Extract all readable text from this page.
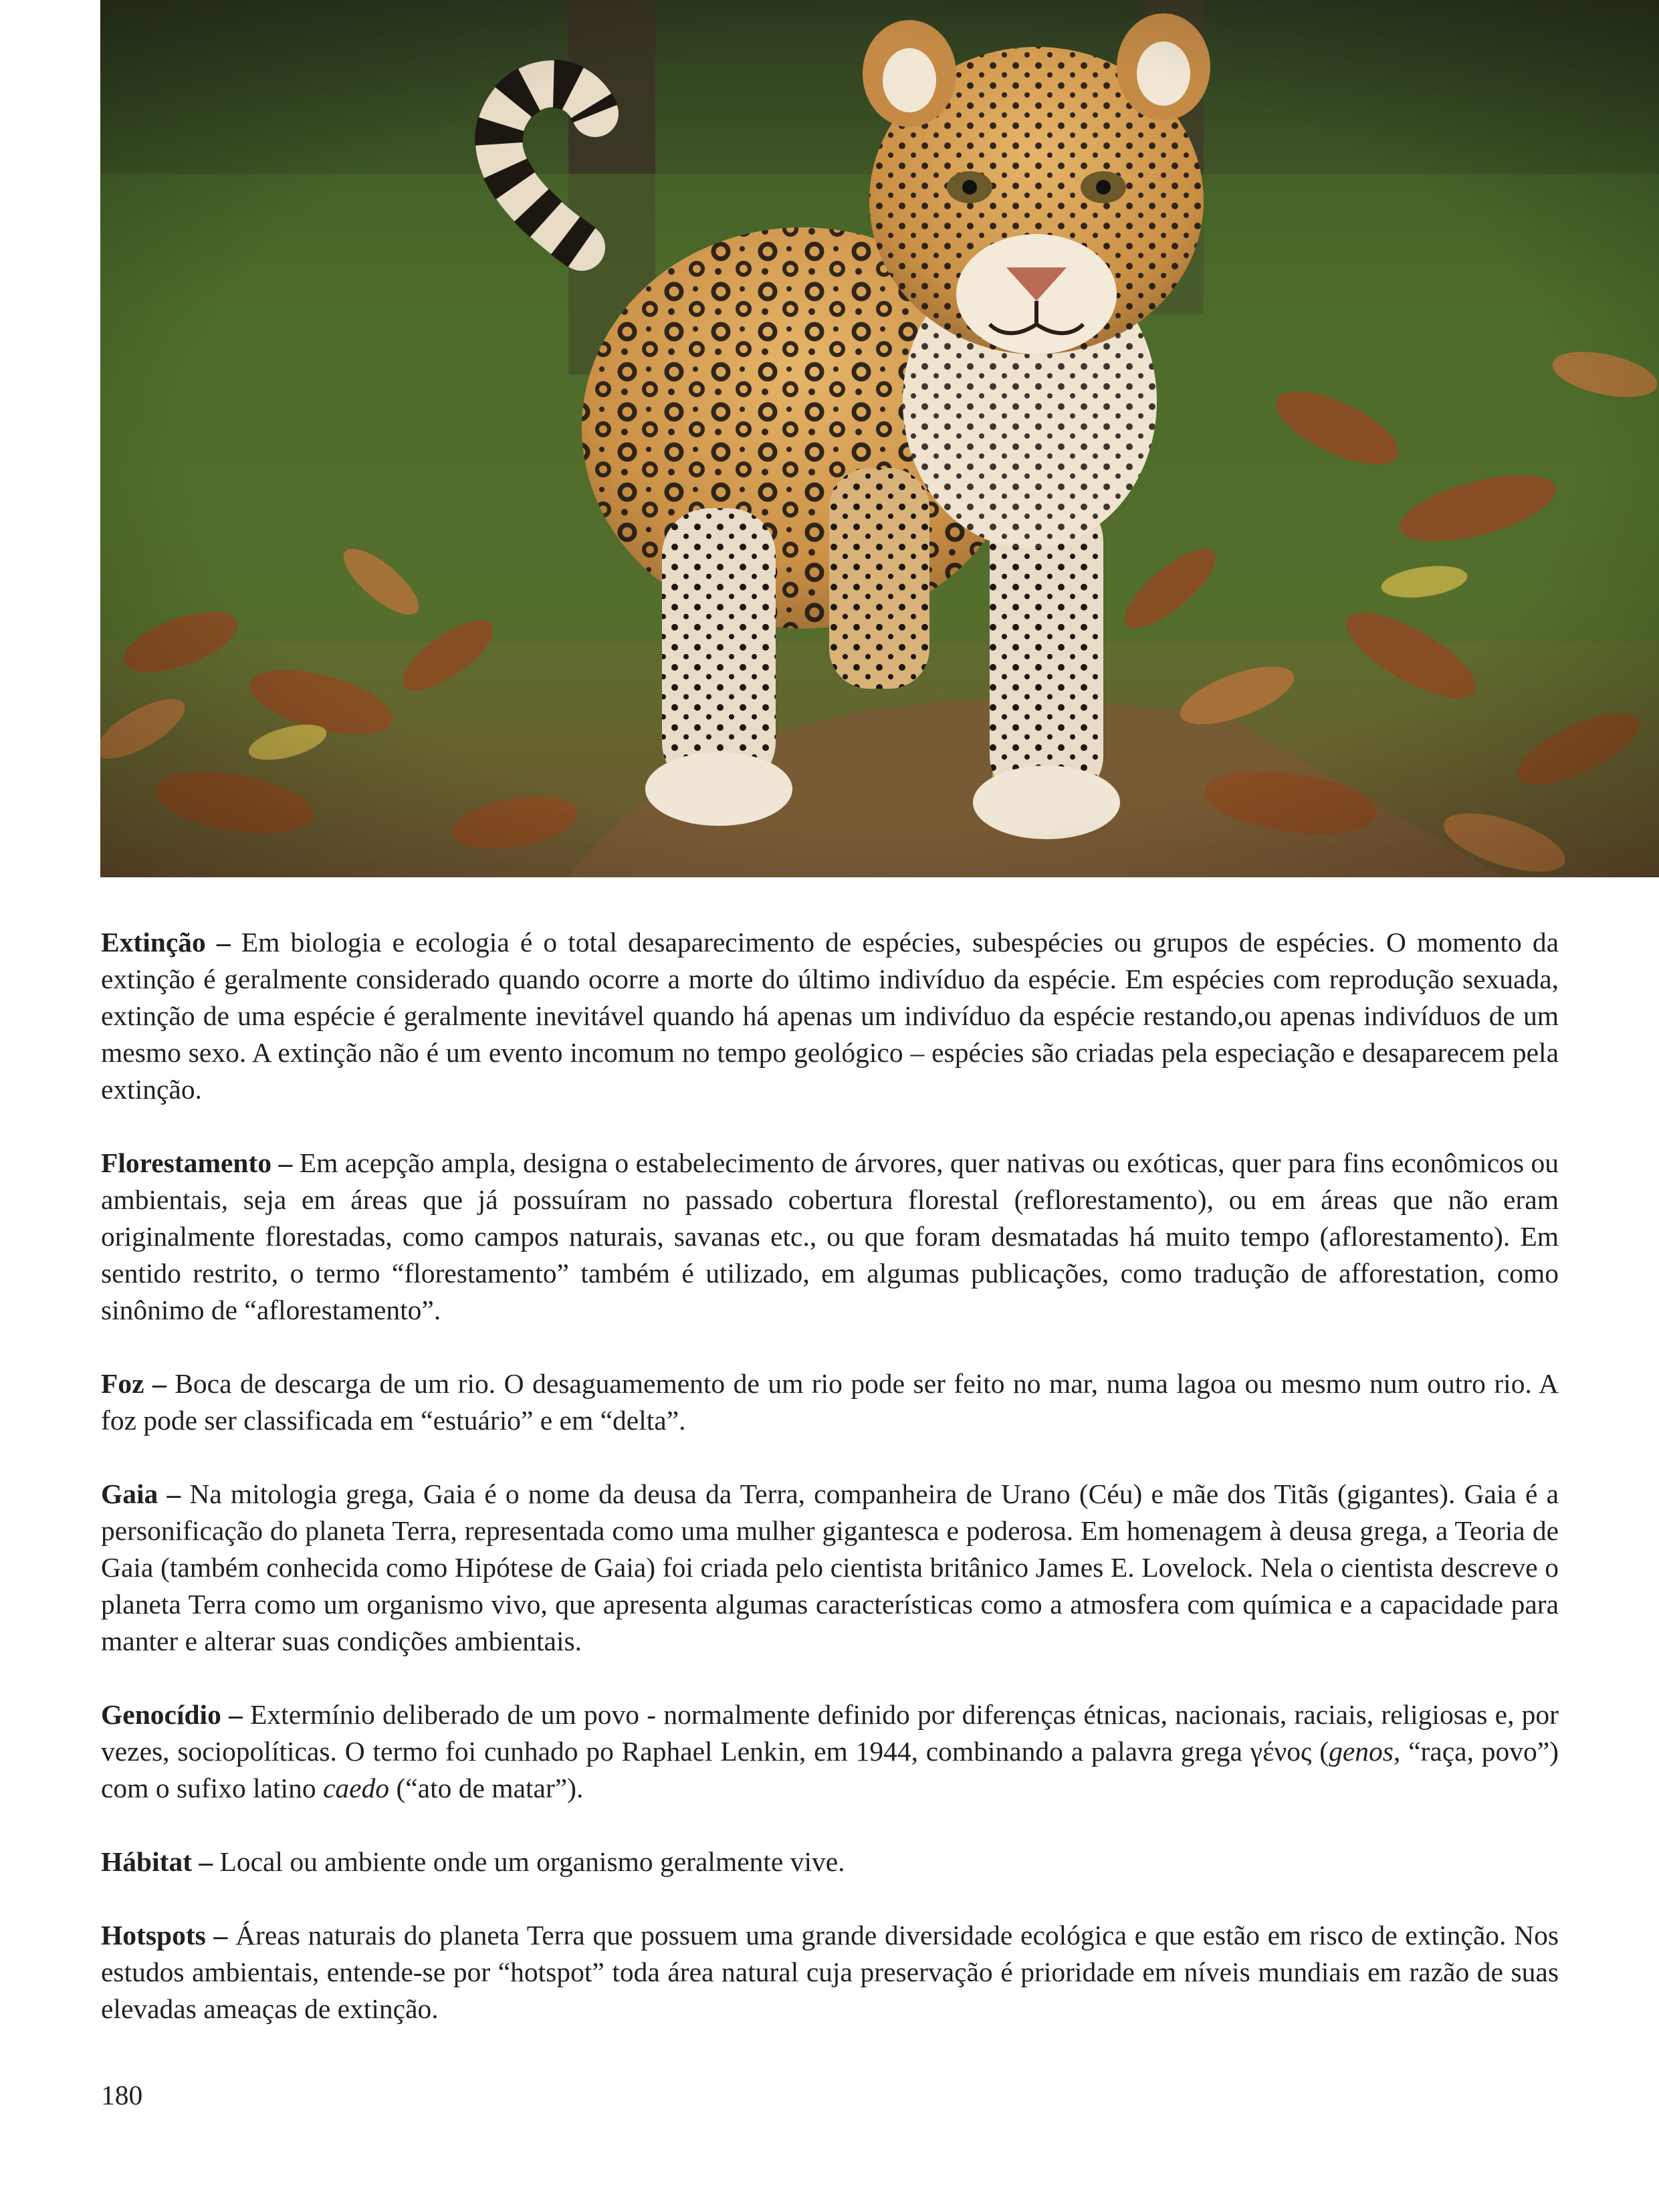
Extinção – Em biologia e ecologia é o total desaparecimento de espécies, subespécies ou grupos de espécies. O momento da extinção é geralmente considerado quando ocorre a morte do último indivíduo da espécie. Em espécies com reprodução sexuada, extinção de uma espécie é geralmente inevitável quando há apenas um indivíduo da espécie restando,ou apenas indivíduos de um mesmo sexo. A extinção não é um evento incomum no tempo geológico – espécies são criadas pela especiação e desaparecem pela extinção.

Florestamento – Em acepção ampla, designa o estabelecimento de árvores, quer nativas ou exóticas, quer para fins econômicos ou ambientais, seja em áreas que já possuíram no passado cobertura florestal (reflorestamento), ou em áreas que não eram originalmente florestadas, como campos naturais, savanas etc., ou que foram desmatadas há muito tempo (aflorestamento). Em sentido restrito, o termo “florestamento” também é utilizado, em algumas publicações, como tradução de afforestation, como sinônimo de “aflorestamento”.

Foz – Boca de descarga de um rio. O desaguamemento de um rio pode ser feito no mar, numa lagoa ou mesmo num outro rio. A foz pode ser classificada em “estuário” e em “delta”.

Gaia – Na mitologia grega, Gaia é o nome da deusa da Terra, companheira de Urano (Céu) e mãe dos Titãs (gigantes). Gaia é a personificação do planeta Terra, representada como uma mulher gigantesca e poderosa. Em homenagem à deusa grega, a Teoria de Gaia (também conhecida como Hipótese de Gaia) foi criada pelo cientista britânico James E. Lovelock. Nela o cientista descreve o planeta Terra como um organismo vivo, que apresenta algumas características como a atmosfera com química e a capacidade para manter e alterar suas condições ambientais.

Genocídio – Extermínio deliberado de um povo - normalmente definido por diferenças étnicas, nacionais, raciais, religiosas e, por vezes, sociopolíticas. O termo foi cunhado po Raphael Lenkin, em 1944, combinando a palavra grega γένος (genos, “raça, povo”) com o sufixo latino caedo (“ato de matar”).

Hábitat – Local ou ambiente onde um organismo geralmente vive.

Hotspots – Áreas naturais do planeta Terra que possuem uma grande diversidade ecológica e que estão em risco de extinção. Nos estudos ambientais, entende-se por “hotspot” toda área natural cuja preservação é prioridade em níveis mundiais em razão de suas elevadas ameaças de extinção.

180
